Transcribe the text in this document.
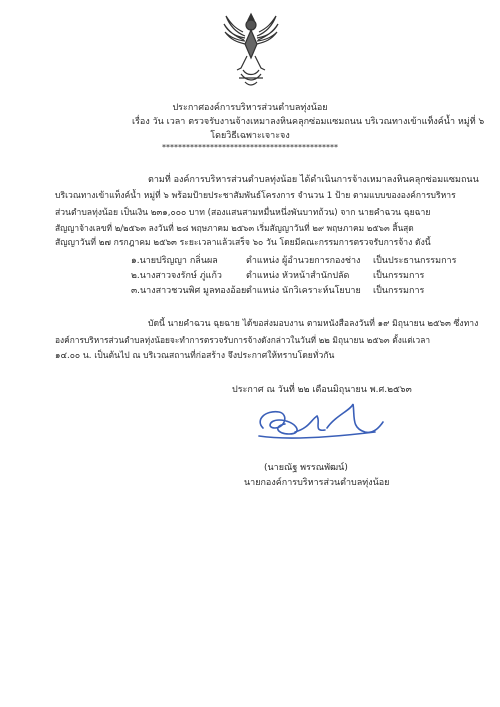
ประกาศองค์การบริหารส่วนตำบลทุ่งน้อย
เรื่อง วัน เวลา ตรวจรับงานจ้างเหมาลงหินคลุกซ่อมแซมถนน บริเวณทางเข้าแท็งค์น้ำ หมู่ที่ ๖
โดยวิธีเฉพาะเจาะจง
********************************************
ตามที่ องค์การบริหารส่วนตำบลทุ่งน้อย ได้ดำเนินการจ้างเหมาลงหินคลุกซ่อมแซมถนน
บริเวณทางเข้าแท็งค์น้ำ หมู่ที่ ๖ พร้อมป้ายประชาสัมพันธ์โครงการ จำนวน 1 ป้าย ตามแบบขององค์การบริหาร
ส่วนตำบลทุ่งน้อย เป็นเงิน ๒๓๑,๐๐๐ บาท (สองแสนสามหมื่นหนึ่งพันบาทถ้วน) จาก นายคำฉวน ฉุยฉาย
สัญญาจ้างเลขที่ ๒/๒๕๖๓ ลงวันที่ ๒๘ พฤษภาคม ๒๕๖๓ เริ่มสัญญาวันที่ ๒๙ พฤษภาคม ๒๕๖๓ สิ้นสุด
สัญญาวันที่ ๒๗ กรกฎาคม ๒๕๖๓ ระยะเวลาแล้วเสร็จ ๖๐ วัน โดยมีคณะกรรมการตรวจรับการจ้าง ดังนี้
๑.นายปริญญา กลิ่นผล	ตำแหน่ง ผู้อำนวยการกองช่าง เป็นประธานกรรมการ
๒.นางสาวจงรักษ์ ภู่แก้ว	ตำแหน่ง หัวหน้าสำนักปลัด	เป็นกรรมการ
๓.นางสาวชวนพิศ มูลทองอ้อย ตำแหน่ง นักวิเคราะห์นโยบาย เป็นกรรมการ
บัดนี้ นายคำฉวน ฉุยฉาย ได้ขอส่งมอบงาน ตามหนังสือลงวันที่ ๑๙ มิถุนายน ๒๕๖๓ ซึ่งทาง
องค์การบริหารส่วนตำบลทุ่งน้อยจะทำการตรวจรับการจ้างดังกล่าวในวันที่ ๒๒ มิถุนายน ๒๕๖๓ ตั้งแต่เวลา
๑๔.๐๐ น. เป็นต้นไป ณ บริเวณสถานที่ก่อสร้าง จึงประกาศให้ทราบโดยทั่วกัน
ประกาศ ณ วันที่ ๒๒ เดือนมิถุนายน พ.ศ.๒๕๖๓
(นายณัฐ พรรณพัฒน์)
นายกองค์การบริหารส่วนตำบลทุ่งน้อย
